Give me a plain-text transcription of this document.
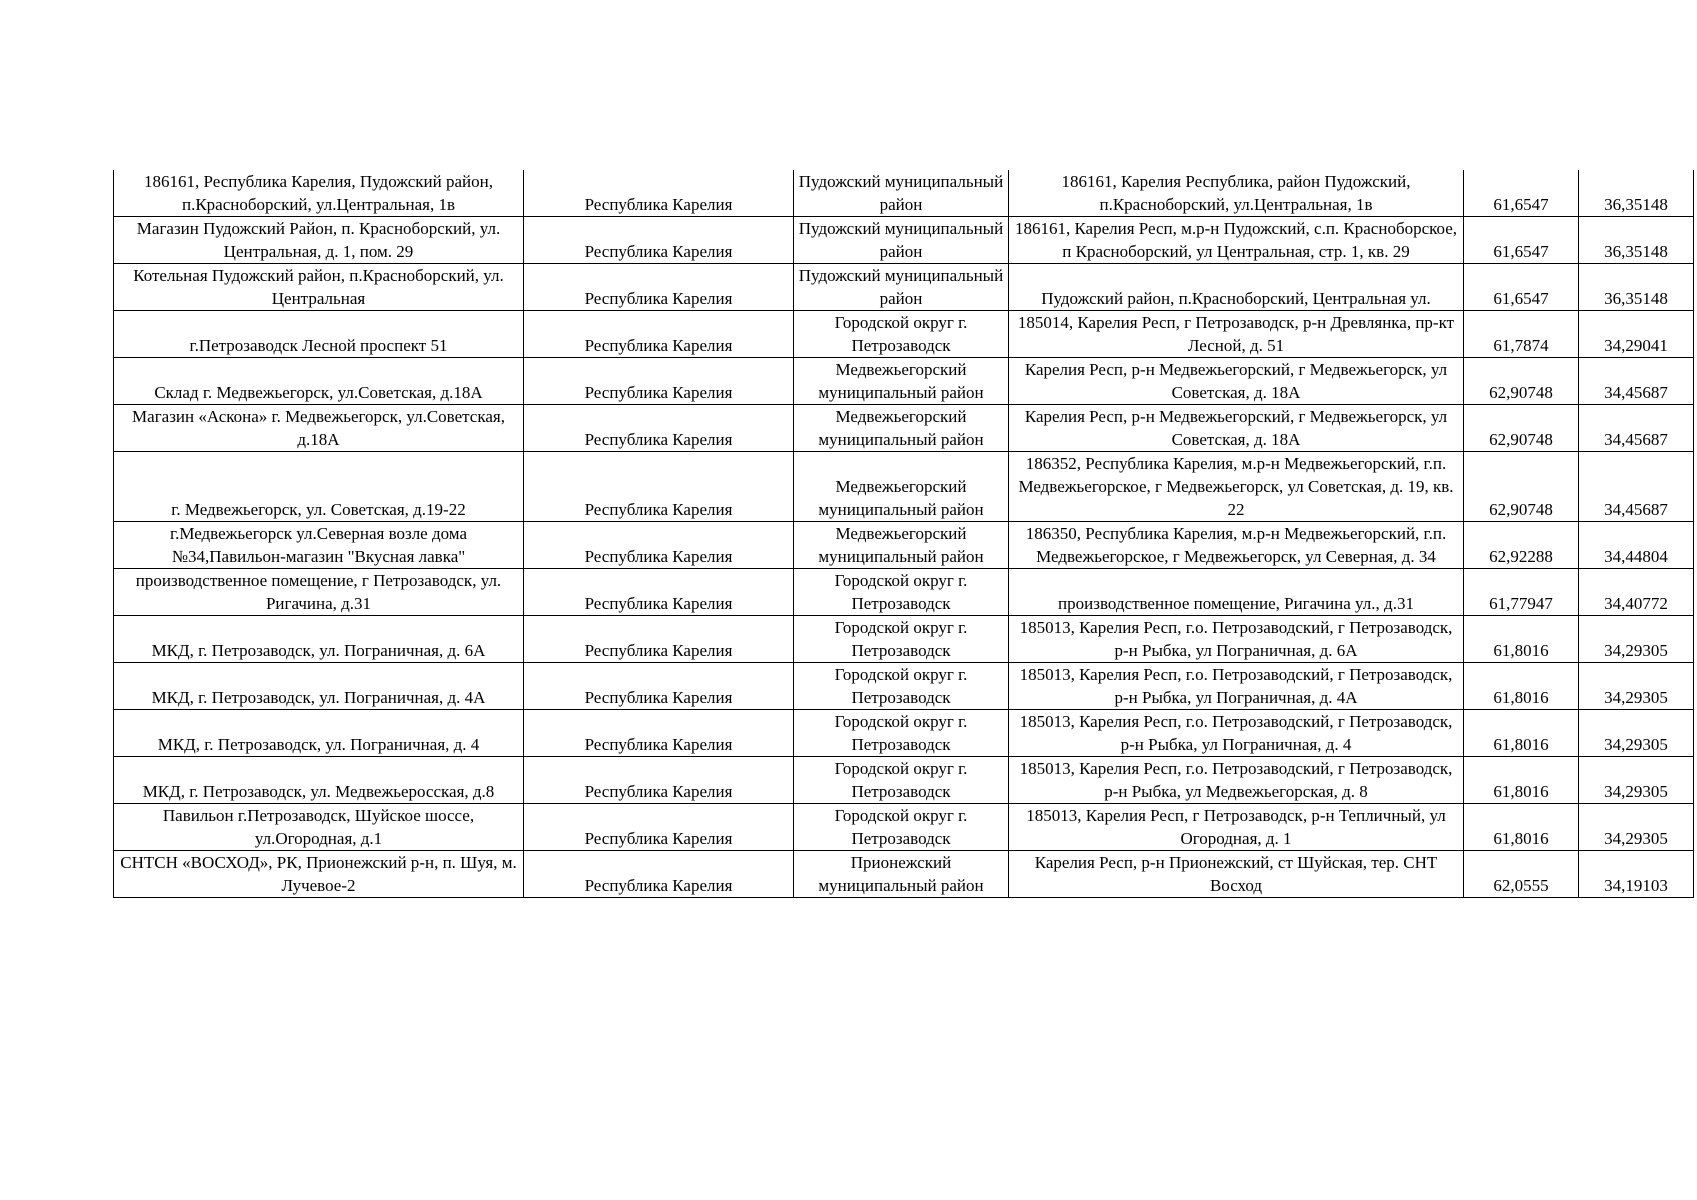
186161, Республика Карелия, Пудожский район, п.Красноборский, ул.Центральная, 1в	Республика Карелия	Пудожский муниципальный район	186161, Карелия Республика, район Пудожский, п.Красноборский, ул.Центральная, 1в	61,6547	36,35148
Магазин Пудожский Район, п. Красноборский, ул. Центральная, д. 1, пом. 29	Республика Карелия	Пудожский муниципальный район	186161, Карелия Респ, м.р-н Пудожский, с.п. Красноборское, п Красноборский, ул Центральная, стр. 1, кв. 29	61,6547	36,35148
Котельная Пудожский район, п.Красноборский, ул. Центральная	Республика Карелия	Пудожский муниципальный район	Пудожский район, п.Красноборский, Центральная ул.	61,6547	36,35148
г.Петрозаводск Лесной проспект 51	Республика Карелия	Городской округ г. Петрозаводск	185014, Карелия Респ, г Петрозаводск, р-н Древлянка, пр-кт Лесной, д. 51	61,7874	34,29041
Склад г. Медвежьегорск, ул.Советская, д.18А	Республика Карелия	Медвежьегорский муниципальный район	Карелия Респ, р-н Медвежьегорский, г Медвежьегорск, ул Советская, д. 18А	62,90748	34,45687
Магазин «Аскона» г. Медвежьегорск, ул.Советская, д.18А	Республика Карелия	Медвежьегорский муниципальный район	Карелия Респ, р-н Медвежьегорский, г Медвежьегорск, ул Советская, д. 18А	62,90748	34,45687
г. Медвежьегорск, ул. Советская, д.19-22	Республика Карелия	Медвежьегорский муниципальный район	186352, Республика Карелия, м.р-н Медвежьегорский, г.п. Медвежьегорское, г Медвежьегорск, ул Советская, д. 19, кв. 22	62,90748	34,45687
г.Медвежьегорск ул.Северная возле дома №34,Павильон-магазин "Вкусная лавка"	Республика Карелия	Медвежьегорский муниципальный район	186350, Республика Карелия, м.р-н Медвежьегорский, г.п. Медвежьегорское, г Медвежьегорск, ул Северная, д. 34	62,92288	34,44804
производственное помещение, г Петрозаводск, ул. Ригачина, д.31	Республика Карелия	Городской округ г. Петрозаводск	производственное помещение, Ригачина ул., д.31	61,77947	34,40772
МКД, г. Петрозаводск, ул. Пограничная, д. 6А	Республика Карелия	Городской округ г. Петрозаводск	185013, Карелия Респ, г.о. Петрозаводский, г Петрозаводск, р-н Рыбка, ул Пограничная, д. 6А	61,8016	34,29305
МКД, г. Петрозаводск, ул. Пограничная, д. 4А	Республика Карелия	Городской округ г. Петрозаводск	185013, Карелия Респ, г.о. Петрозаводский, г Петрозаводск, р-н Рыбка, ул Пограничная, д. 4А	61,8016	34,29305
МКД, г. Петрозаводск, ул. Пограничная, д. 4	Республика Карелия	Городской округ г. Петрозаводск	185013, Карелия Респ, г.о. Петрозаводский, г Петрозаводск, р-н Рыбка, ул Пограничная, д. 4	61,8016	34,29305
МКД, г. Петрозаводск, ул. Медвежьеросская, д.8	Республика Карелия	Городской округ г. Петрозаводск	185013, Карелия Респ, г.о. Петрозаводский, г Петрозаводск, р-н Рыбка, ул Медвежьегорская, д. 8	61,8016	34,29305
Павильон г.Петрозаводск, Шуйское шоссе, ул.Огородная, д.1	Республика Карелия	Городской округ г. Петрозаводск	185013, Карелия Респ, г Петрозаводск, р-н Тепличный, ул Огородная, д. 1	61,8016	34,29305
СНТСН «ВОСХОД», РК, Прионежский р-н, п. Шуя, м. Лучевое-2	Республика Карелия	Прионежский муниципальный район	Карелия Респ, р-н Прионежский, ст Шуйская, тер. СНТ Восход	62,0555	34,19103
